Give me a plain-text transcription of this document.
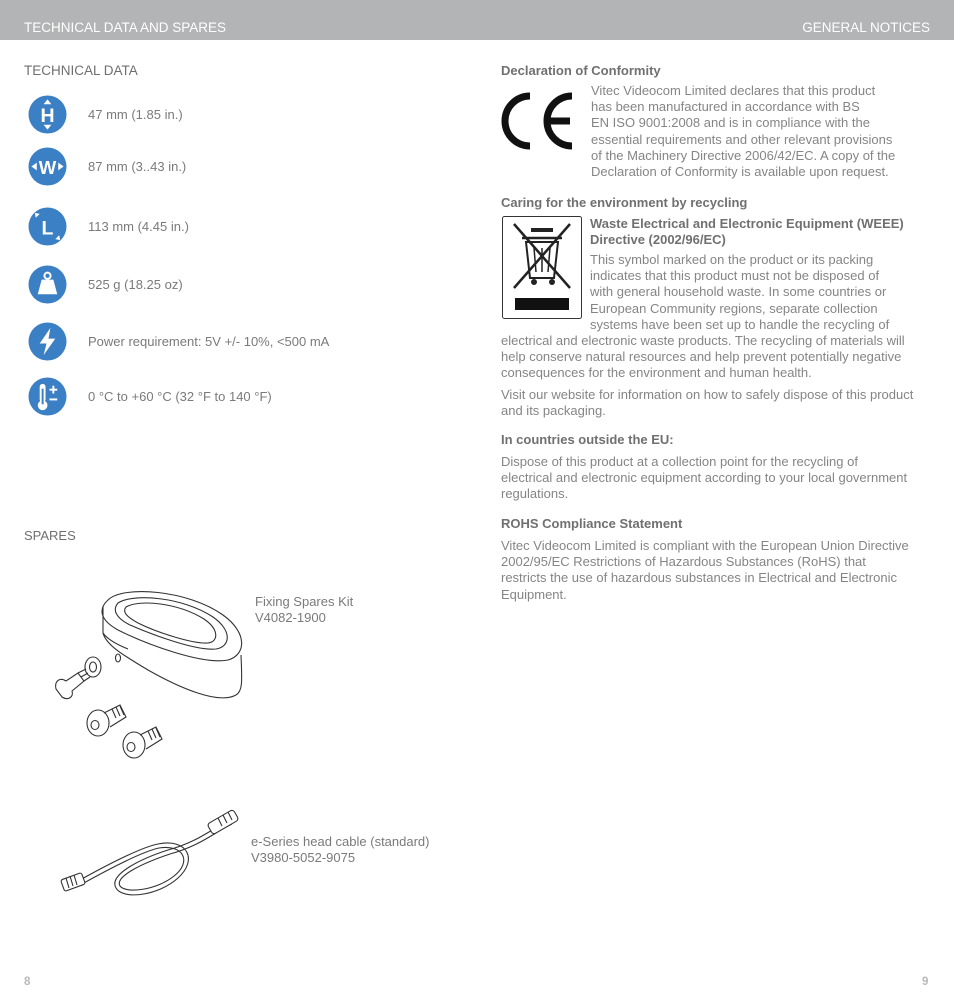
TECHNICAL DATA AND SPARES	GENERAL NOTICES
TECHNICAL DATA
H	47 mm (1.85 in.)
W 87 mm (3..43 in.)
L	113 mm (4.45 in.)
525 g (18.25 oz)
Power requirement: 5V +/- 10%, <500 mA
0 °C to +60 °C (32 °F to 140 °F)
SPARES
Fixing Spares Kit
V4082-1900
e-Series head cable (standard)
V3980-5052-9075
8
Declaration of Conformity
Vitec Videocom Limited declares that this product
has been manufactured in accordance with BS
EN ISO 9001:2008 and is in compliance with the
essential requirements and other relevant provisions
of the Machinery Directive 2006/42/EC. A copy of the
Declaration of Conformity is available upon request.
Caring for the environment by recycling
Waste Electrical and Electronic Equipment (WEEE)
Directive (2002/96/EC)
This symbol marked on the product or its packing
indicates that this product must not be disposed of
with general household waste. In some countries or
European Community regions, separate collection
systems have been set up to handle the recycling of
electrical and electronic waste products. The recycling of materials will
help conserve natural resources and help prevent potentially negative
consequences for the environment and human health.
Visit our website for information on how to safely dispose of this product
and its packaging.
In countries outside the EU:
Dispose of this product at a collection point for the recycling of
electrical and electronic equipment according to your local government
regulations.
ROHS Compliance Statement
Vitec Videocom Limited is compliant with the European Union Directive
2002/95/EC Restrictions of Hazardous Substances (RoHS) that
restricts the use of hazardous substances in Electrical and Electronic
Equipment.
9
